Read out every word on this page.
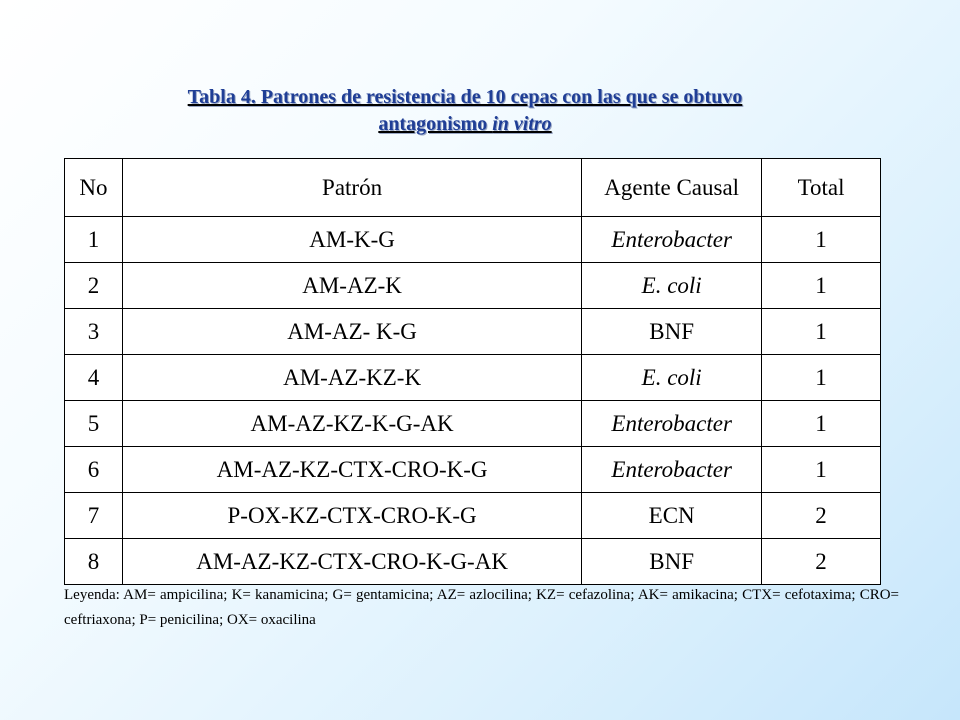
Tabla 4. Patrones de resistencia de 10 cepas con las que se obtuvo
antagonismo in vitro
No	Patrón	Agente Causal	Total
1	AM-K-G	Enterobacter	1
2	AM-AZ-K	E. coli	1
3	AM-AZ- K-G	BNF	1
4	AM-AZ-KZ-K	E. coli	1
5	AM-AZ-KZ-K-G-AK	Enterobacter	1
6	AM-AZ-KZ-CTX-CRO-K-G	Enterobacter	1
7	P-OX-KZ-CTX-CRO-K-G	ECN	2
8	AM-AZ-KZ-CTX-CRO-K-G-AK	BNF	2
Leyenda: AM= ampicilina; K= kanamicina; G= gentamicina; AZ= azlocilina; KZ= cefazolina; AK= amikacina; CTX= cefotaxima; CRO= ceftriaxona; P= penicilina; OX= oxacilina
